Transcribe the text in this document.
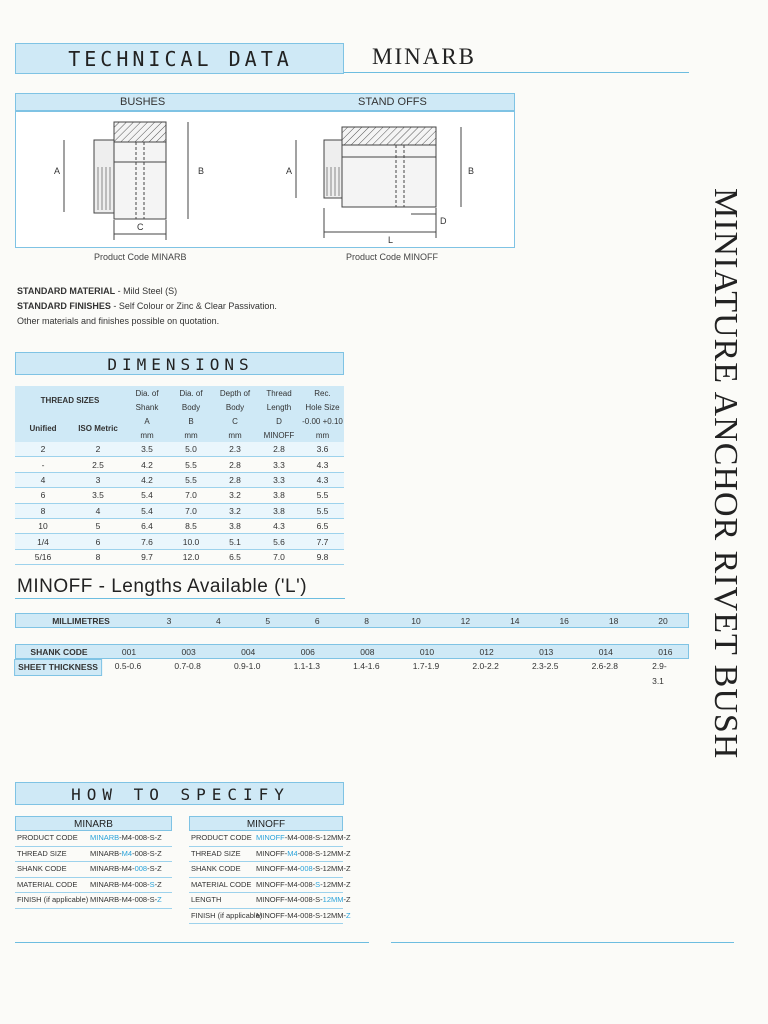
TECHNICAL DATA	MINARB
MINIATURE ANCHOR RIVET BUSH
BUSHES	STAND OFFS
A	B
C
A	B
D
L
Product Code MINARB	Product Code MINOFF
STANDARD MATERIAL - Mild Steel (S)
STANDARD FINISHES - Self Colour or Zinc & Clear Passivation.
Other materials and finishes possible on quotation.
DIMENSIONS
THREAD SIZES		Dia. of	Dia. of	Depth of	Thread	Rec.
		Shank	Body	Body	Length	Hole Size
Unified	ISO Metric	A	B	C	D	-0.00 +0.10
		mm	mm	mm	MINOFF	mm
2	2	3.5	5.0	2.3	2.8	3.6
-	2.5	4.2	5.5	2.8	3.3	4.3
4	3	4.2	5.5	2.8	3.3	4.3
6	3.5	5.4	7.0	3.2	3.8	5.5
8	4	5.4	7.0	3.2	3.8	5.5
10	5	6.4	8.5	3.8	4.3	6.5
1/4	6	7.6	10.0	5.1	5.6	7.7
5/16	8	9.7	12.0	6.5	7.0	9.8
MINOFF - Lengths Available ('L')
MILLIMETRES	3	4	5	6	8	10	12	14	16	18	20
SHANK CODE	001	003	004	006	008	010	012	013	014	016
SHEET THICKNESS	0.5-0.6	0.7-0.8	0.9-1.0	1.1-1.3	1.4-1.6	1.7-1.9	2.0-2.2	2.3-2.5	2.6-2.8	2.9-3.1
HOW TO SPECIFY
MINARB
PRODUCT CODE MINARB-M4-008-S-Z
THREAD SIZE	MINARB-M4-008-S-Z
SHANK CODE	MINARB-M4-008-S-Z
MATERIAL CODE MINARB-M4-008-S-Z
FINISH (if applicable) MINARB-M4-008-S-Z
MINOFF
PRODUCT CODE MINOFF-M4-008-S-12MM-Z
THREAD SIZE MINOFF-M4-008-S-12MM-Z
SHANK CODE MINOFF-M4-008-S-12MM-Z
MATERIAL CODE MINOFF-M4-008-S-12MM-Z
LENGTH	MINOFF-M4-008-S-12MM-Z
FINISH (if applicable)
MINOFF-M4-008-S-12MM-Z
